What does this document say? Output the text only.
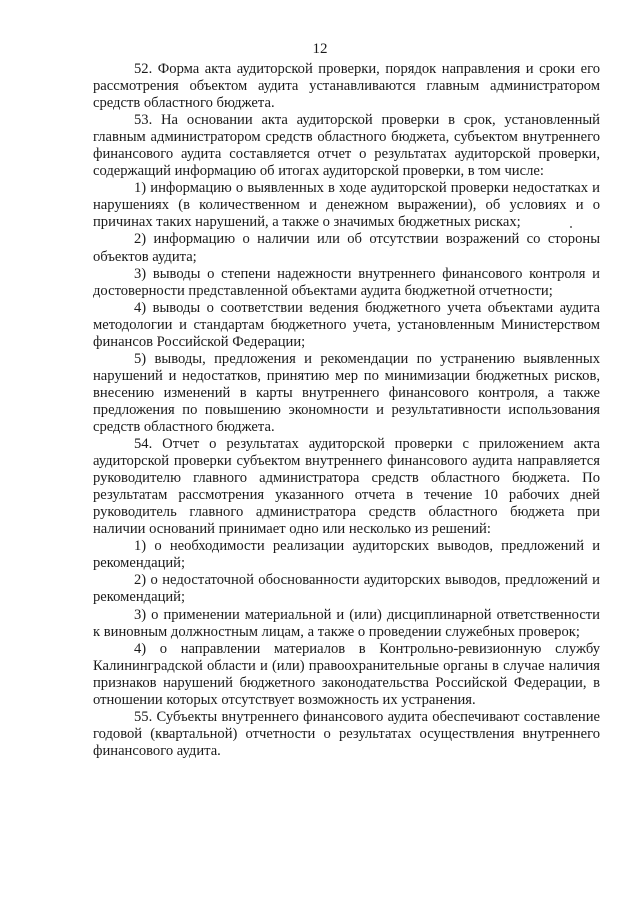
12

52. Форма акта аудиторской проверки, порядок направления и сроки его рассмотрения объектом аудита устанавливаются главным администратором средств областного бюджета.

53. На основании акта аудиторской проверки в срок, установленный главным администратором средств областного бюджета, субъектом внутреннего финансового аудита составляется отчет о результатах аудиторской проверки, содержащий информацию об итогах аудиторской проверки, в том числе:

1) информацию о выявленных в ходе аудиторской проверки недостатках и нарушениях (в количественном и денежном выражении), об условиях и о причинах таких нарушений, а также о значимых бюджетных рисках;

2) информацию о наличии или об отсутствии возражений со стороны объектов аудита;

3) выводы о степени надежности внутреннего финансового контроля и достоверности представленной объектами аудита бюджетной отчетности;

4) выводы о соответствии ведения бюджетного учета объектами аудита методологии и стандартам бюджетного учета, установленным Министерством финансов Российской Федерации;

5) выводы, предложения и рекомендации по устранению выявленных нарушений и недостатков, принятию мер по минимизации бюджетных рисков, внесению изменений в карты внутреннего финансового контроля, а также предложения по повышению экономности и результативности использования средств областного бюджета.

54. Отчет о результатах аудиторской проверки с приложением акта аудиторской проверки субъектом внутреннего финансового аудита направляется руководителю главного администратора средств областного бюджета. По результатам рассмотрения указанного отчета в течение 10 рабочих дней руководитель главного администратора средств областного бюджета при наличии оснований принимает одно или несколько из решений:

1) о необходимости реализации аудиторских выводов, предложений и рекомендаций;

2) о недостаточной обоснованности аудиторских выводов, предложений и рекомендаций;

3) о применении материальной и (или) дисциплинарной ответственности к виновным должностным лицам, а также о проведении служебных проверок;

4) о направлении материалов в Контрольно-ревизионную службу Калининградской области и (или) правоохранительные органы в случае наличия признаков нарушений бюджетного законодательства Российской Федерации, в отношении которых отсутствует возможность их устранения.

55. Субъекты внутреннего финансового аудита обеспечивают составление годовой (квартальной) отчетности о результатах осуществления внутреннего финансового аудита.
